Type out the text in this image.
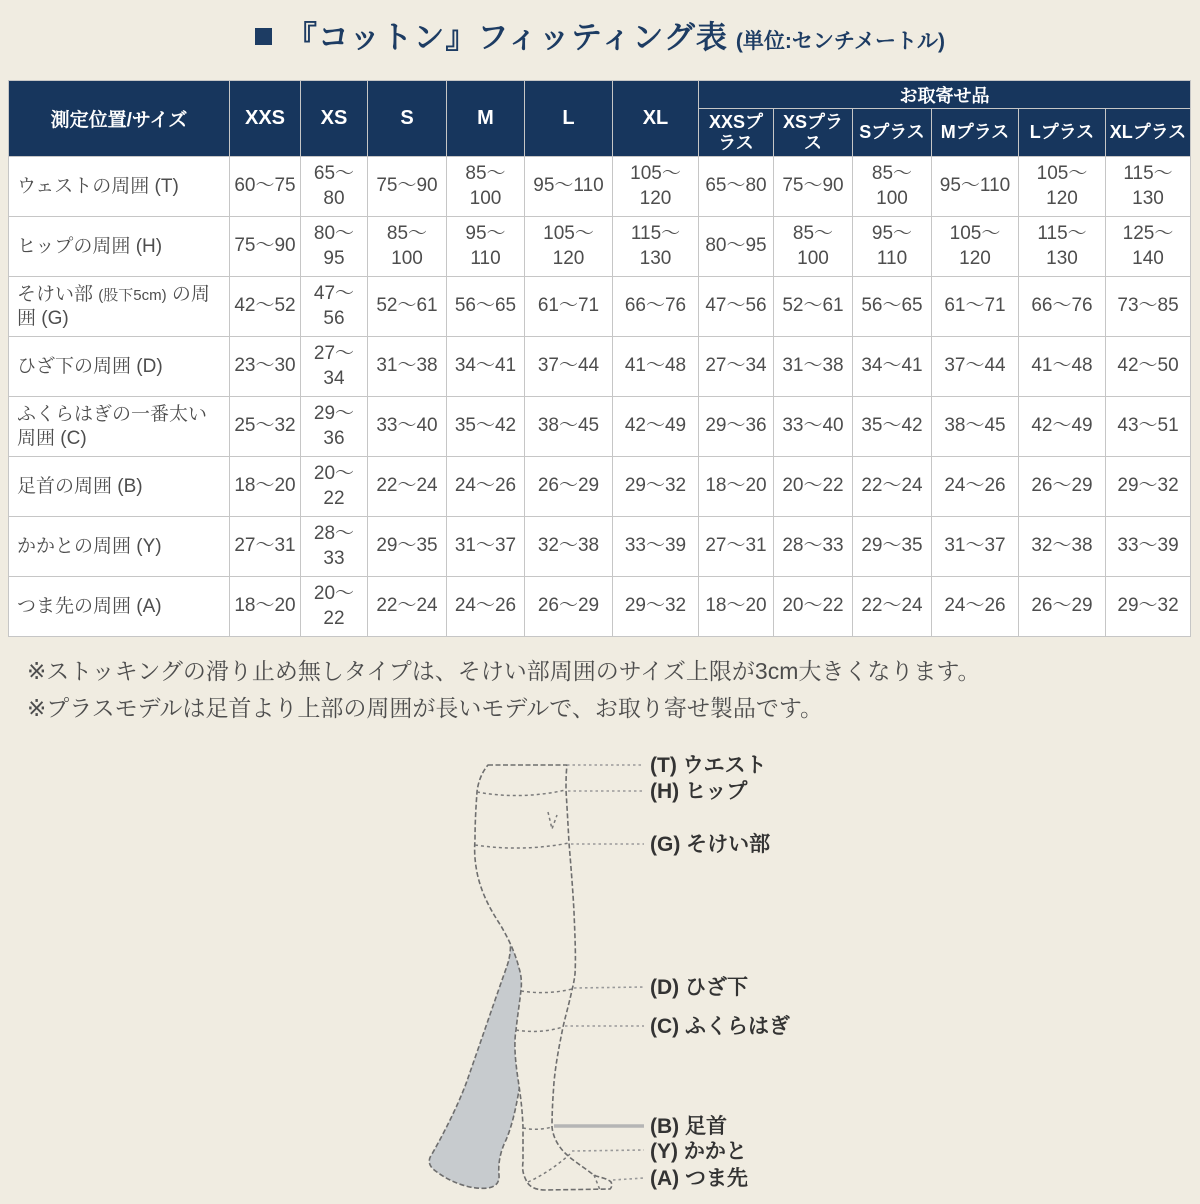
『コットン』フィッティング表 (単位:センチメートル)
測定位置/サイズ	XXS	XS	S	M	L	XL	お取寄せ品					
							XXSプラス	XSプラス	Sプラス	Mプラス	Lプラス	XLプラス
ウェストの周囲 (T)	60〜75	65〜80	75〜90	85〜100	95〜110	105〜120	65〜80	75〜90	85〜100	95〜110	105〜120	115〜130
ヒップの周囲 (H)	75〜90	80〜95	85〜100	95〜110	105〜120	115〜130	80〜95	85〜100	95〜110	105〜120	115〜130	125〜140
そけい部 (股下5cm) の周囲 (G)	42〜52	47〜56	52〜61	56〜65	61〜71	66〜76	47〜56	52〜61	56〜65	61〜71	66〜76	73〜85
ひざ下の周囲 (D)	23〜30	27〜34	31〜38	34〜41	37〜44	41〜48	27〜34	31〜38	34〜41	37〜44	41〜48	42〜50
ふくらはぎの一番太い周囲 (C)	25〜32	29〜36	33〜40	35〜42	38〜45	42〜49	29〜36	33〜40	35〜42	38〜45	42〜49	43〜51
足首の周囲 (B)	18〜20	20〜22	22〜24	24〜26	26〜29	29〜32	18〜20	20〜22	22〜24	24〜26	26〜29	29〜32
かかとの周囲 (Y)	27〜31	28〜33	29〜35	31〜37	32〜38	33〜39	27〜31	28〜33	29〜35	31〜37	32〜38	33〜39
つま先の周囲 (A)	18〜20	20〜22	22〜24	24〜26	26〜29	29〜32	18〜20	20〜22	22〜24	24〜26	26〜29	29〜32
※ストッキングの滑り止め無しタイプは、そけい部周囲のサイズ上限が3cm大きくなります。
※プラスモデルは足首より上部の周囲が長いモデルで、お取り寄せ製品です。
(T) ウエスト
(H) ヒップ
(G) そけい部
(D) ひざ下
(C) ふくらはぎ
(B) 足首
(Y) かかと
(A) つま先
